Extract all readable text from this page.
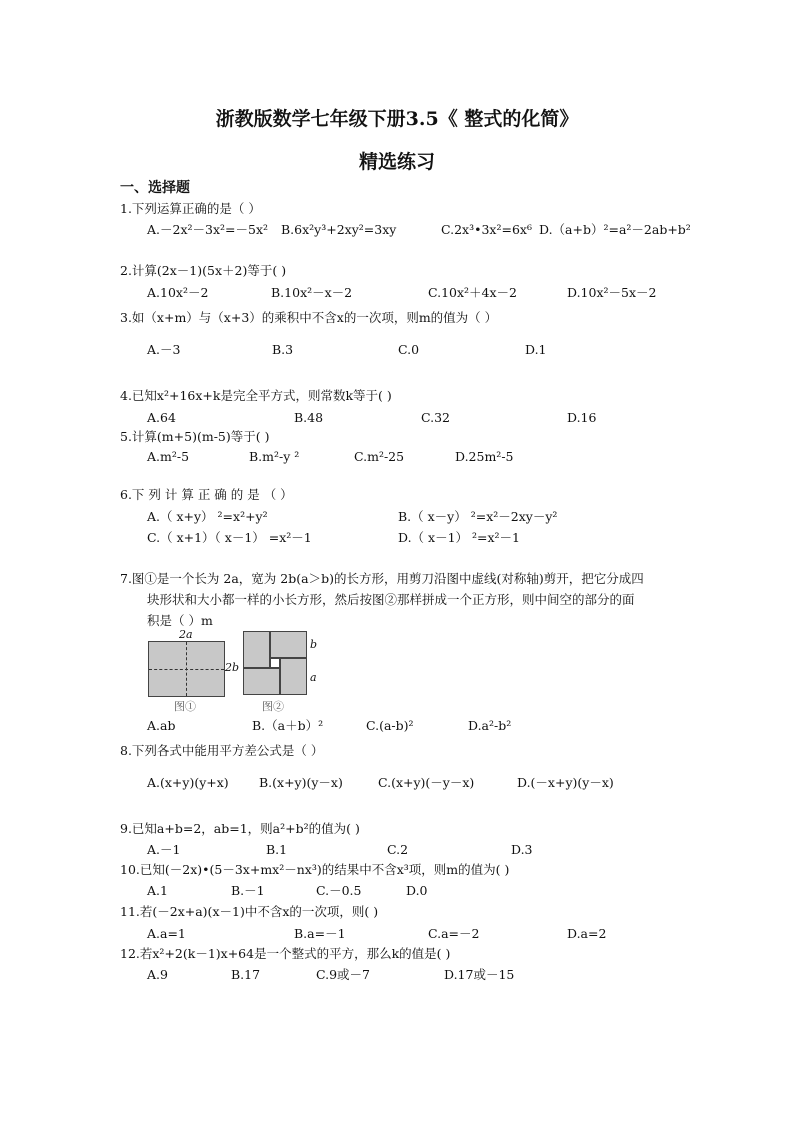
浙教版数学七年级下册3.5《 整式的化简》
精选练习
一、选择题
1.下列运算正确的是（ ）
A.－2x²－3x²=－5x² B.6x²y³+2xy²=3xy	C.2x³•3x²=6x⁶ D.（a+b）²=a²－2ab+b²
2.计算(2x－1)(5x＋2)等于( )
A.10x²－2	B.10x²－x－2	C.10x²＋4x－2	D.10x²－5x－2
3.如（x+m）与（x+3）的乘积中不含x的一次项，则m的值为（ ）
A.－3	B.3	C.0	D.1
4.已知x²+16x+k是完全平方式，则常数k等于( )
A.64	B.48	C.32	D.16
5.计算(m+5)(m-5)等于( )
A.m²-5	B.m²-y ²	C.m²-25	D.25m²-5
6.下 列 计 算 正 确 的 是 （ ）
A.（ x+y） ²=x²+y²	B.（ x－y） ²=x²－2xy－y²
C.（ x+1）（ x－1） =x²－1	D.（ x－1） ²=x²－1
7.图①是一个长为 2a，宽为 2b(a＞b)的长方形，用剪刀沿图中虚线(对称轴)剪开，把它分成四
块形状和大小都一样的小长方形，然后按图②那样拼成一个正方形，则中间空的部分的面
积是（ ）m
2a
2b
图①
b
a
图②
A.ab	B.（a＋b）²	C.(a-b)²	D.a²-b²
8.下列各式中能用平方差公式是（ ）
A.(x+y)(y+x) B.(x+y)(y－x)	C.(x+y)(－y－x)	D.(－x+y)(y－x)
9.已知a+b=2，ab=1，则a²+b²的值为( )
A.－1	B.1	C.2	D.3
10.已知(－2x)•(5－3x+mx²－nx³)的结果中不含x³项，则m的值为( )
A.1	B.－1	C.－0.5	D.0
11.若(－2x+a)(x－1)中不含x的一次项，则( )
A.a=1	B.a=－1	C.a=－2	D.a=2
12.若x²+2(k－1)x+64是一个整式的平方，那么k的值是( )
A.9	B.17	C.9或－7	D.17或－15
